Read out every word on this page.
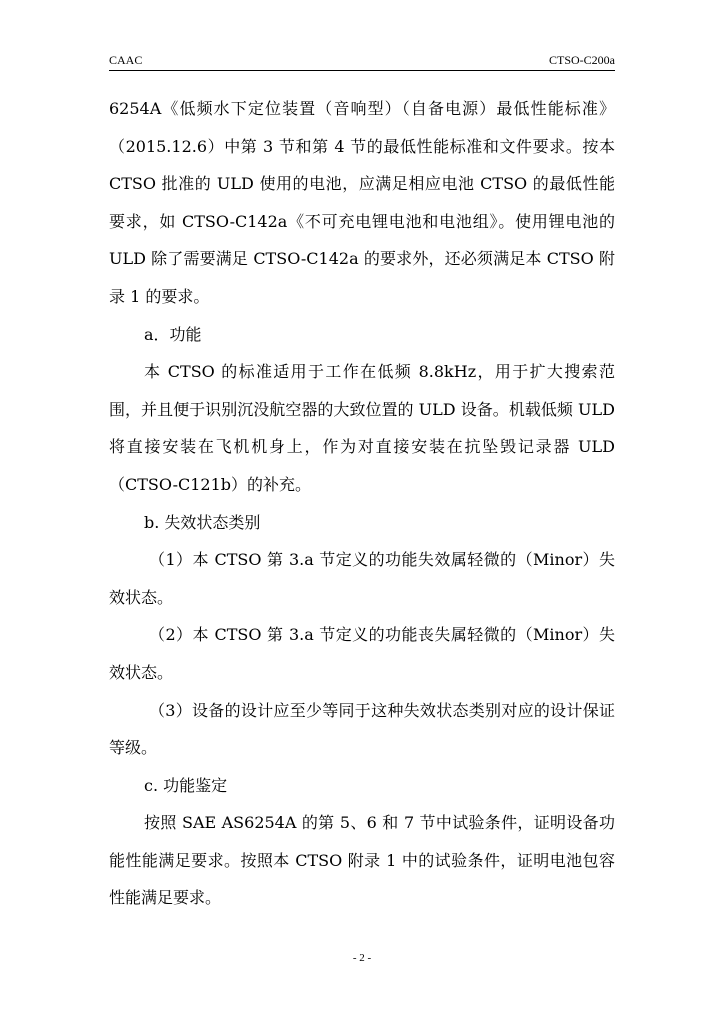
CAAC	CTSO-C200a

6254A《低频水下定位装置（音响型）（自备电源）最低性能标准》（2015.12.6）中第 3 节和第 4 节的最低性能标准和文件要求。按本 CTSO 批准的 ULD 使用的电池，应满足相应电池 CTSO 的最低性能要求，如 CTSO-C142a《不可充电锂电池和电池组》。使用锂电池的 ULD 除了需要满足 CTSO-C142a 的要求外，还必须满足本 CTSO 附录 1 的要求。

a．功能

本 CTSO 的标准适用于工作在低频 8.8kHz，用于扩大搜索范围，并且便于识别沉没航空器的大致位置的 ULD 设备。机载低频 ULD 将直接安装在飞机机身上，作为对直接安装在抗坠毁记录器 ULD（CTSO-C121b）的补充。

b. 失效状态类别

（1）本 CTSO 第 3.a 节定义的功能失效属轻微的（Minor）失效状态。

（2）本 CTSO 第 3.a 节定义的功能丧失属轻微的（Minor）失效状态。

（3）设备的设计应至少等同于这种失效状态类别对应的设计保证等级。

c. 功能鉴定

按照 SAE AS6254A 的第 5、6 和 7 节中试验条件，证明设备功能性能满足要求。按照本 CTSO 附录 1 中的试验条件，证明电池包容性能满足要求。

- 2 -
